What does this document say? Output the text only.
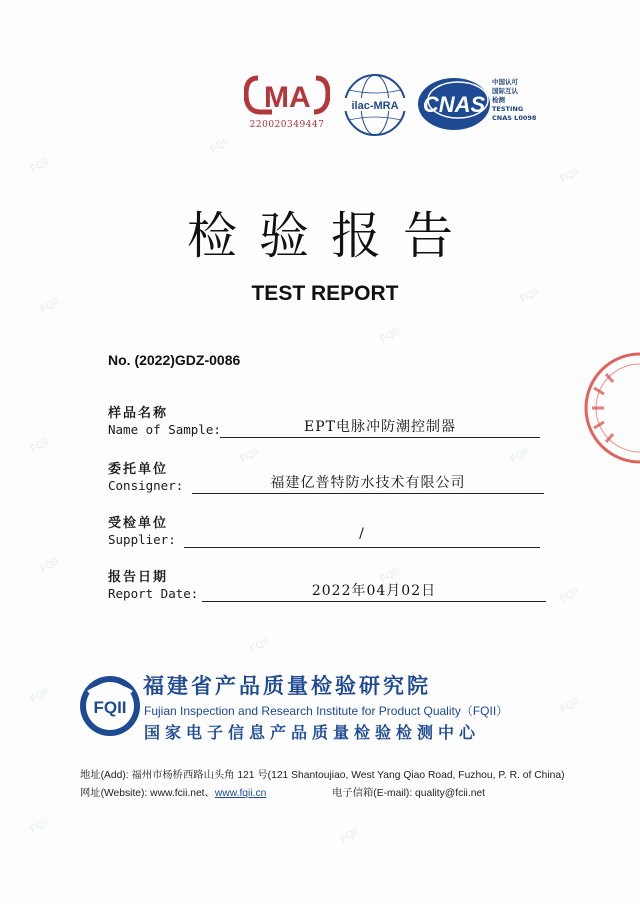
FQII
FQII
FQII
FQII
FQII
FQII
FQII
FQII	FQII
FQII
FQII
FQII
FQII
FQII
FQII
FQII
FQII
MA
220020349447
ilac-MRA CNAS
中国认可
国际互认
检测
TESTING
CNAS L0098
检验报告
TEST REPORT
No. (2022)GDZ-0086
样品名称
Name of Sample:	EPT电脉冲防潮控制器
委托单位
Consigner:	福建亿普特防水技术有限公司
受检单位
Supplier:	/
报告日期
Report Date:	2022年04月02日
FQII
福建省产品质量检验研究院
Fujian Inspection and Research Institute for Product Quality（FQII）
国家电子信息产品质量检验检测中心
地址(Add): 福州市杨桥西路山头角 121 号(121 Shantoujiao, West Yang Qiao Road, Fuzhou, P. R. of China)
网址(Website): www.fcii.net、www.fqii.cn	电子信箱(E-mail): quality@fcii.net
